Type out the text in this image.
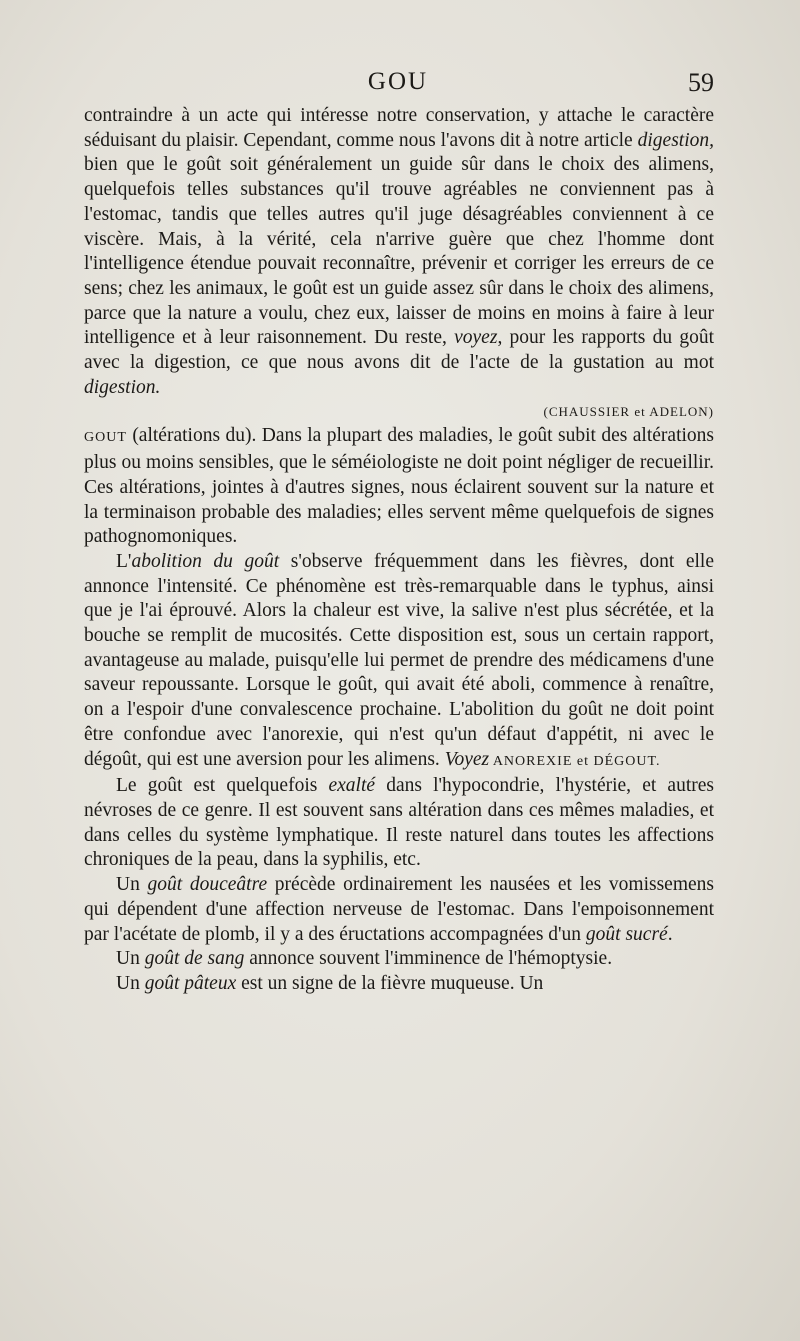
GOU	59

contraindre à un acte qui intéresse notre conservation, y attache le caractère séduisant du plaisir. Cependant, comme nous l'avons dit à notre article digestion, bien que le goût soit généralement un guide sûr dans le choix des alimens, quelquefois telles substances qu'il trouve agréables ne conviennent pas à l'estomac, tandis que telles autres qu'il juge désagréables conviennent à ce viscère. Mais, à la vérité, cela n'arrive guère que chez l'homme dont l'intelligence étendue pouvait reconnaître, prévenir et corriger les erreurs de ce sens; chez les animaux, le goût est un guide assez sûr dans le choix des alimens, parce que la nature a voulu, chez eux, laisser de moins en moins à faire à leur intelligence et à leur raisonnement. Du reste, voyez, pour les rapports du goût avec la digestion, ce que nous avons dit de l'acte de la gustation au mot digestion.

(CHAUSSIER et ADELON)

GOUT (altérations du). Dans la plupart des maladies, le goût subit des altérations plus ou moins sensibles, que le séméiologiste ne doit point négliger de recueillir. Ces altérations, jointes à d'autres signes, nous éclairent souvent sur la nature et la terminaison probable des maladies; elles servent même quelquefois de signes pathognomoniques.

L'abolition du goût s'observe fréquemment dans les fièvres, dont elle annonce l'intensité. Ce phénomène est très-remarquable dans le typhus, ainsi que je l'ai éprouvé. Alors la chaleur est vive, la salive n'est plus sécrétée, et la bouche se remplit de mucosités. Cette disposition est, sous un certain rapport, avantageuse au malade, puisqu'elle lui permet de prendre des médicamens d'une saveur repoussante. Lorsque le goût, qui avait été aboli, commence à renaître, on a l'espoir d'une convalescence prochaine. L'abolition du goût ne doit point être confondue avec l'anorexie, qui n'est qu'un défaut d'appétit, ni avec le dégoût, qui est une aversion pour les alimens. Voyez ANOREXIE et DÉGOUT.

Le goût est quelquefois exalté dans l'hypocondrie, l'hystérie, et autres névroses de ce genre. Il est souvent sans altération dans ces mêmes maladies, et dans celles du système lymphatique. Il reste naturel dans toutes les affections chroniques de la peau, dans la syphilis, etc.

Un goût douceâtre précède ordinairement les nausées et les vomissemens qui dépendent d'une affection nerveuse de l'estomac. Dans l'empoisonnement par l'acétate de plomb, il y a des éructations accompagnées d'un goût sucré.

Un goût de sang annonce souvent l'imminence de l'hémoptysie.

Un goût pâteux est un signe de la fièvre muqueuse. Un
